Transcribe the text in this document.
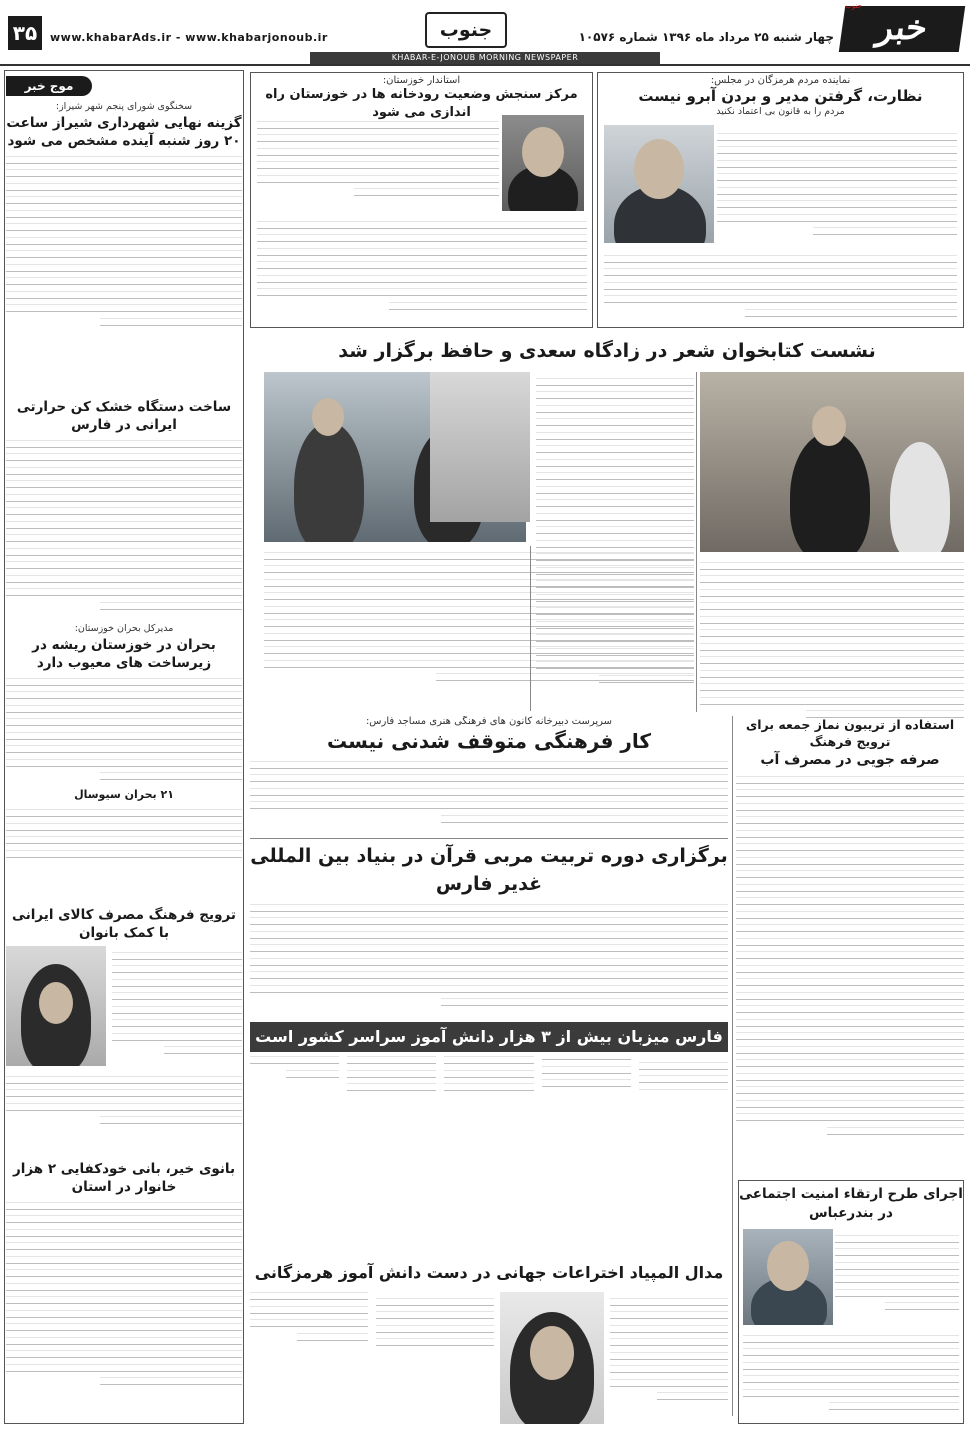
۳۵	www.khabarAds.ir - www.khabarjonoub.ir	جنوب	خبر
جنوب
چهار شنبه ۲۵ مرداد ماه ۱۳۹۶ شماره ۱۰۵۷۶
KHABAR-E-JONOUB MORNING NEWSPAPER
موج خبر
سخنگوی شورای پنجم شهر شیراز:
گزینه نهایی شهرداری شیراز ساعت ۲۰ روز شنبه آینده مشخص می شود
ساخت دستگاه خشک کن حرارتی ایرانی در فارس
مدیرکل بحران خوزستان:
بحران در خوزستان ریشه در زیرساخت های معیوب دارد
۲۱ بحران سیوسال
ترویج فرهنگ مصرف کالای ایرانی با کمک بانوان
بانوی خیر، بانی خودکفایی ۲ هزار خانوار در استان
نماینده مردم هرمزگان در مجلس:
نظارت، گرفتن مدیر و بردن آبرو نیست
مردم را به قانون بی اعتماد نکنید
استاندار خوزستان:
مرکز سنجش وضعیت رودخانه ها در خوزستان راه اندازی می شود
نشست کتابخوان شعر در زادگاه سعدی و حافظ برگزار شد
استفاده از تریبون نماز جمعه برای ترویج فرهنگ
صرفه جویی در مصرف آب
سرپرست دبیرخانه کانون های فرهنگی هنری مساجد فارس:
کار فرهنگی متوقف شدنی نیست
برگزاری دوره تربیت مربی قرآن در بنیاد بین المللی غدیر فارس
فارس میزبان بیش از ۳ هزار دانش آموز سراسر کشور است
مدال المپیاد اختراعات جهانی در دست دانش آموز هرمزگانی
اجرای طرح ارتقاء امنیت اجتماعی در بندرعباس
